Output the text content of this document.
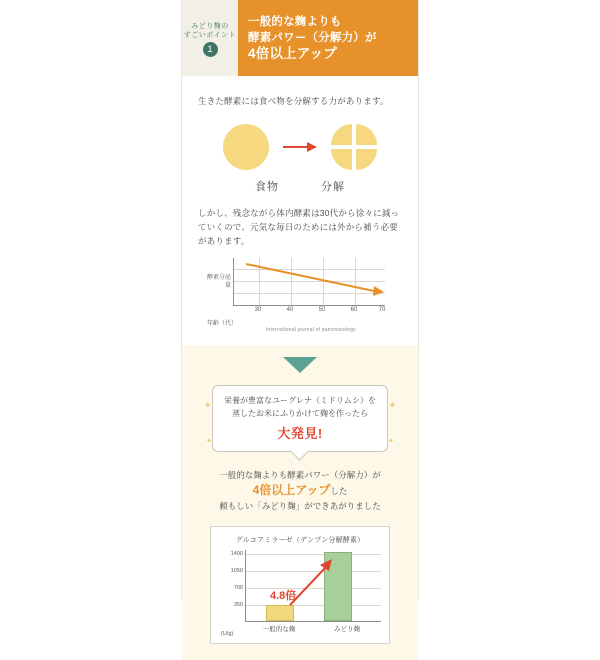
みどり麹の
すごいポイント
1
一般的な麹よりも
酵素パワー（分解力）が
4倍以上アップ
生きた酵素には食べ物を分解する力があります。
食物	分解
しかし、残念ながら体内酵素は30代から徐々に減っていくので、元気な毎日のためには外から補う必要があります。
酵素分泌量
30	40	50	60	70
年齢（代）
international journal of pancreatology
✦	✦
✦	✦
栄養が豊富なユーグレナ（ミドリムシ）を
蒸したお米にふりかけて麹を作ったら
大発見!
一般的な麹よりも酵素パワー（分解力）が
4倍以上アップした
頼もしい「みどり麹」ができあがりました
グルコアミラーゼ（デンプン分解酵素）
1400
1050
700
350
4.8倍
一般的な麹	みどり麹
(U/g)
